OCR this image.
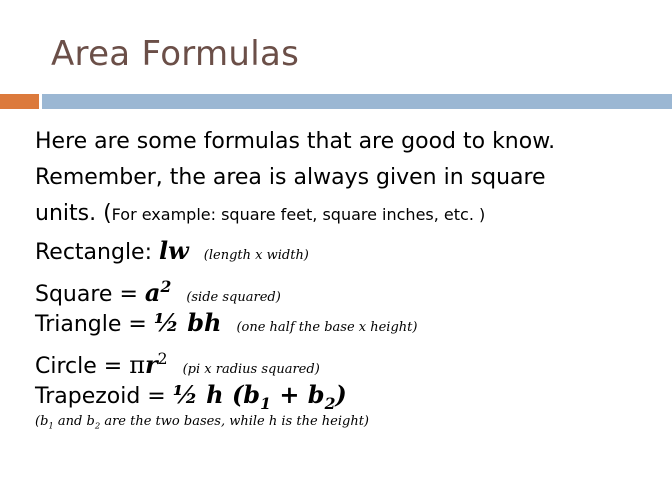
Area Formulas
Here are some formulas that are good to know.
Remember, the area is always given in square
units. (For example: square feet, square inches, etc. )
Rectangle: lw (length x width)
Square = $a^2$ (side squared)
Triangle = ½ bh (one half the base x height)
Circle = $\pi r^2$ (pi x radius squared)
Trapezoid = ½ h $(b_1 + b_2)$
($b_1$ and $b_2$ are the two bases, while h is the height)
